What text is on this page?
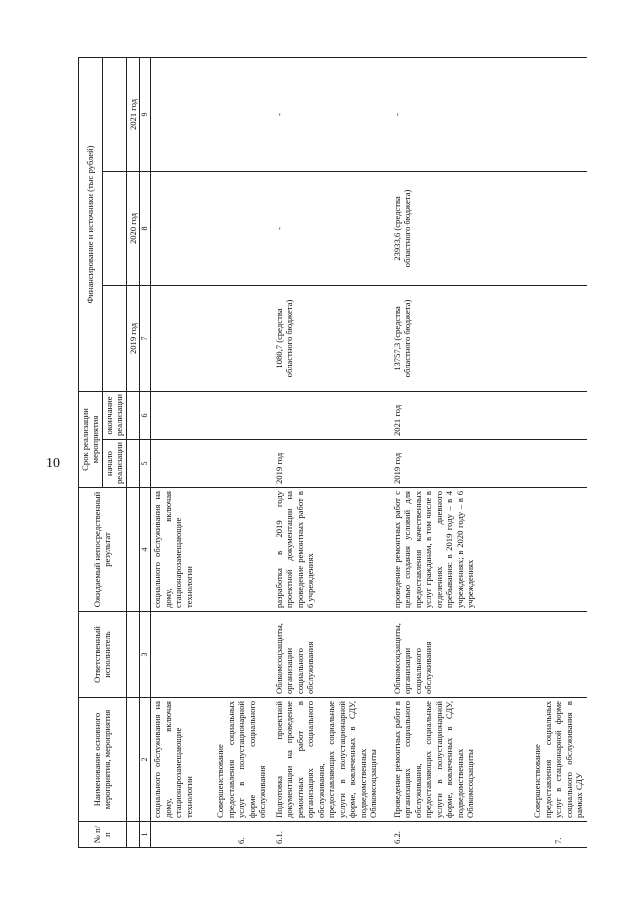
10
№ п/п	Наименование основного мероприятия, мероприятия	Ответственный исполнитель	Ожидаемый непосредственный результат	Срок реализации мероприятия		Финансирование и источники (тыс рублей)		
				начало реализации	окончание реализации			

						2019 год	2020 год	2021 год
1	2	3	4	5	6	7	8	9
	социального обслуживания на дому, включая стационарозамещающие технологии		социального обслуживания на дому, включая стационарозамещающие технологии					
6.	Совершенствование предоставления социальных услуг в полустационарной форме социального обслуживания							
6.1.	Подготовка проектной документации на проведение ремонтных работ в организациях социального обслуживания, предоставляющих социальные услуги в полустационарной форме, вовлеченных в СДУ, подведомственных Облкомсоцзащиты	Облкомсоцзащиты, организации социального обслуживания	разработка в 2019 году проектной документации на проведение ремонтных работ в 6 учреждениях	2019 год		1080,7 (средства областного бюджета)	-	-
6.2.	Проведение ремонтных работ в организациях социального обслуживания, предоставляющих социальные услуги в полустационарной форме, вовлеченных в СДУ, подведомственных Облкомсоцзащиты	Облкомсоцзащиты, организации социального обслуживания	проведение ремонтных работ с целью создания условий для предоставления качественных услуг гражданам, в том числе в отделениях дневного пребывания: в 2019 году – в 4 учреждениях; в 2020 году – в 6 учреждениях	2019 год	2021 год	13757,3 (средства областного бюджета)	23933,6 (средства областного бюджета)	-
7.	Совершенствование предоставления социальных услуг в стационарной форме социального обслуживания в рамках СДУ							
